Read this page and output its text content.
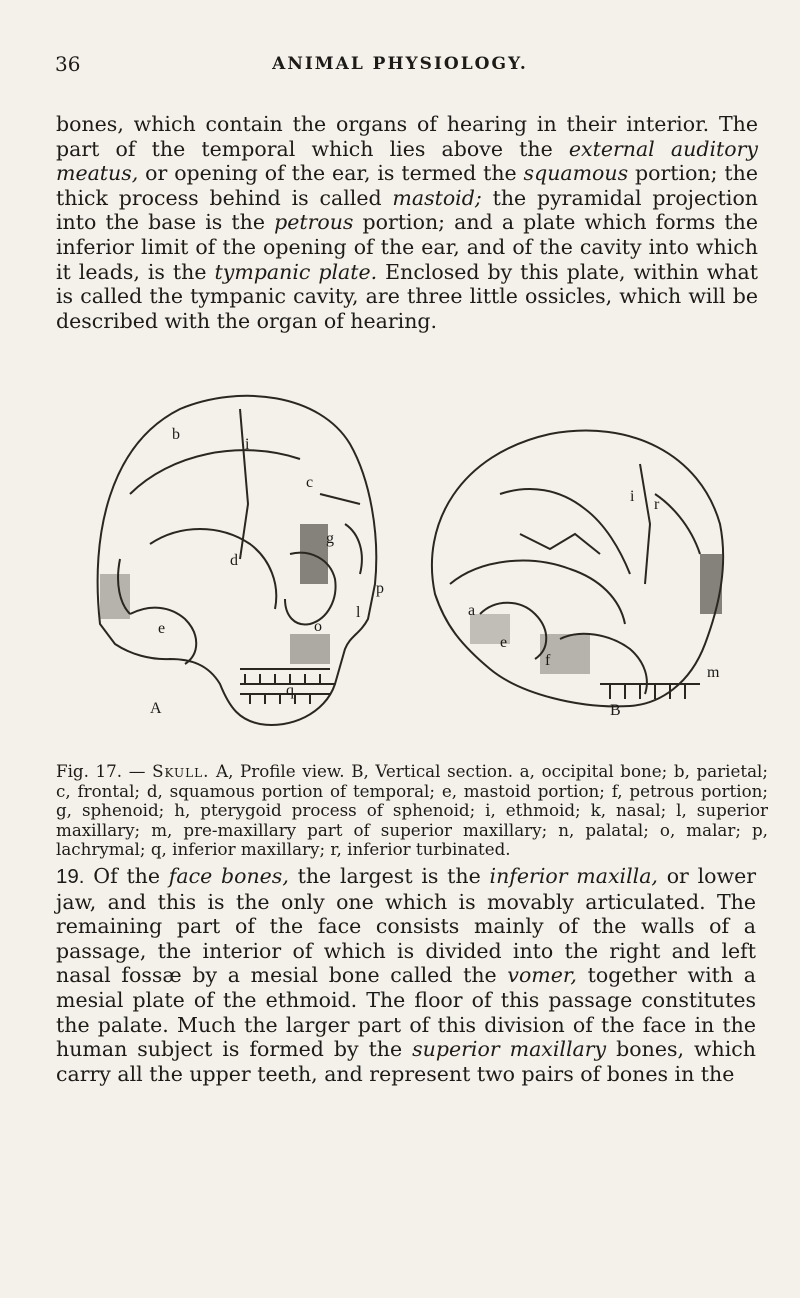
36	ANIMAL PHYSIOLOGY.

bones, which contain the organs of hearing in their interior. The part of the temporal which lies above the external auditory meatus, or opening of the ear, is termed the squamous portion; the thick process behind is called mastoid; the pyramidal projection into the base is the petrous portion; and a plate which forms the inferior limit of the opening of the ear, and of the cavity into which it leads, is the tympanic plate. Enclosed by this plate, within what is called the tympanic cavity, are three little ossicles, which will be described with the organ of hearing.

b
c
i
d
g
l
p
e	o
q
A
a
e
i r
f
m
B
Fig. 17. — Skull. A, Profile view. B, Vertical section. a, occipital bone; b, parietal; c, frontal; d, squamous portion of temporal; e, mastoid portion; f, petrous portion; g, sphenoid; h, pterygoid process of sphenoid; i, ethmoid; k, nasal; l, superior maxillary; m, pre-maxillary part of superior maxillary; n, palatal; o, malar; p, lachrymal; q, inferior maxillary; r, inferior turbinated.

19. Of the face bones, the largest is the inferior maxilla, or lower jaw, and this is the only one which is movably articulated. The remaining part of the face consists mainly of the walls of a passage, the interior of which is divided into the right and left nasal fossæ by a mesial bone called the vomer, together with a mesial plate of the ethmoid. The floor of this passage constitutes the palate. Much the larger part of this division of the face in the human subject is formed by the superior maxillary bones, which carry all the upper teeth, and represent two pairs of bones in the
